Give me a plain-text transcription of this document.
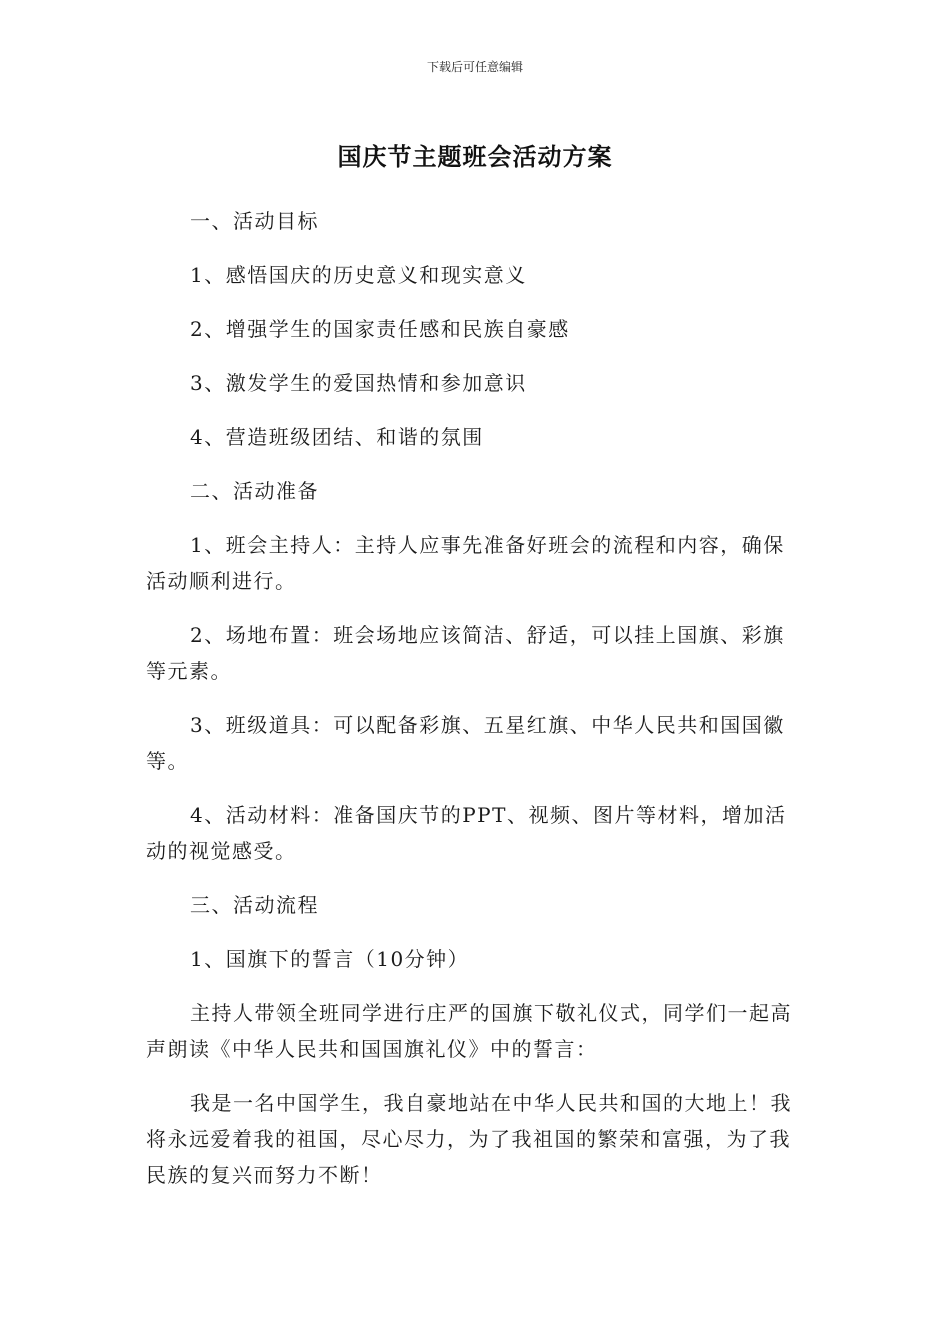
下载后可任意编辑
国庆节主题班会活动方案

一、活动目标

1、感悟国庆的历史意义和现实意义

2、增强学生的国家责任感和民族自豪感

3、激发学生的爱国热情和参加意识

4、营造班级团结、和谐的氛围

二、活动准备

1、班会主持人：主持人应事先准备好班会的流程和内容，确保活动顺利进行。

2、场地布置：班会场地应该简洁、舒适，可以挂上国旗、彩旗等元素。

3、班级道具：可以配备彩旗、五星红旗、中华人民共和国国徽等。

4、活动材料：准备国庆节的PPT、视频、图片等材料，增加活动的视觉感受。

三、活动流程

1、国旗下的誓言（10分钟）

主持人带领全班同学进行庄严的国旗下敬礼仪式，同学们一起高声朗读《中华人民共和国国旗礼仪》中的誓言：

我是一名中国学生，我自豪地站在中华人民共和国的大地上！我将永远爱着我的祖国，尽心尽力，为了我祖国的繁荣和富强，为了我民族的复兴而努力不断！
